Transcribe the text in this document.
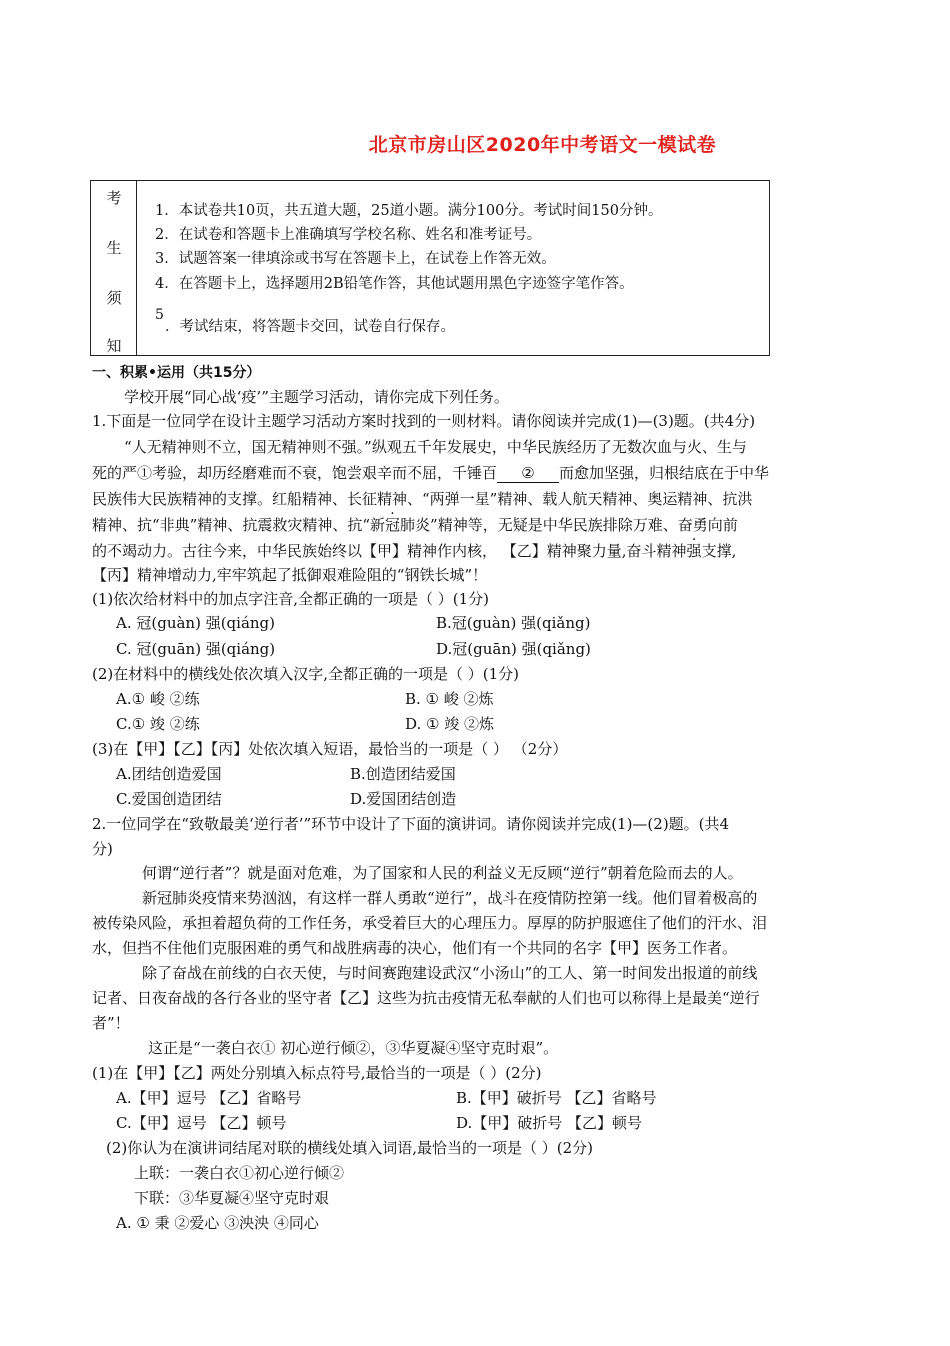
北京市房山区2020年中考语文一模试卷
考
生
须
知
1．本试卷共10页，共五道大题，25道小题。满分100分。考试时间150分钟。
2．在试卷和答题卡上准确填写学校名称、姓名和准考证号。
3．试题答案一律填涂或书写在答题卡上，在试卷上作答无效。
4．在答题卡上，选择题用2B铅笔作答，其他试题用黑色字迹签字笔作答。
5
．考试结束，将答题卡交回，试卷自行保存。
一、积累•运用（共15分）
学校开展“同心战‘疫’”主题学习活动，请你完成下列任务。
1.下面是一位同学在设计主题学习活动方案时找到的一则材料。请你阅读并完成(1)—(3)题。(共4分)
“人无精神则不立，国无精神则不强。”纵观五千年发展史，中华民族经历了无数次血与火、生与
死的严①考验，却历经磨难而不衰，饱尝艰辛而不屈，千锤百 ② 而愈加坚强，归根结底在于中华
民族伟大民族精神的支撑。红船精神、长征精神、“两弹一星”精神、载人航天精神、奥运精神、抗洪
精神、抗“非典”精神、抗震救灾精神、抗“新冠肺炎”精神等，无疑是中华民族排除万难、奋勇向前
的不竭动力。古往今来，中华民族始终以【甲】精神作内核， 【乙】精神聚力量,奋斗精神强支撑,
【丙】精神增动力,牢牢筑起了抵御艰难险阻的“钢铁长城”！
(1)依次给材料中的加点字注音,全都正确的一项是（ ）(1分)
A. 冠(guàn) 强(qiáng)	B.冠(guàn) 强(qiǎng)
C. 冠(guān) 强(qiáng)	D.冠(guān) 强(qiǎng)
(2)在材料中的横线处依次填入汉字,全都正确的一项是（ ）(1分)
A.① 峻 ②练	B. ① 峻 ②炼
C.① 竣 ②练	D. ① 竣 ②炼
(3)在【甲】【乙】【丙】处依次填入短语，最恰当的一项是（ ） （2分）
A.团结创造爱国	B.创造团结爱国
C.爱国创造团结	D.爱国团结创造
2.一位同学在“致敬最美‘逆行者’”环节中设计了下面的演讲词。请你阅读并完成(1)—(2)题。(共4
分)
何谓“逆行者”？就是面对危难，为了国家和人民的利益义无反顾“逆行”朝着危险而去的人。
新冠肺炎疫情来势汹汹，有这样一群人勇敢“逆行”，战斗在疫情防控第一线。他们冒着极高的
被传染风险，承担着超负荷的工作任务，承受着巨大的心理压力。厚厚的防护服遮住了他们的汗水、泪
水，但挡不住他们克服困难的勇气和战胜病毒的决心，他们有一个共同的名字【甲】医务工作者。
除了奋战在前线的白衣天使，与时间赛跑建设武汉“小汤山”的工人、第一时间发出报道的前线
记者、日夜奋战的各行各业的坚守者【乙】这些为抗击疫情无私奉献的人们也可以称得上是最美“逆行
者”！
这正是“一袭白衣① 初心逆行倾②，③华夏凝④坚守克时艰”。
(1)在【甲】【乙】两处分别填入标点符号,最恰当的一项是（ ）(2分)
A.【甲】逗号 【乙】省略号	B.【甲】破折号 【乙】省略号
C.【甲】逗号 【乙】顿号	D.【甲】破折号 【乙】顿号
(2)你认为在演讲词结尾对联的横线处填入词语,最恰当的一项是（ ）(2分)
上联：一袭白衣①初心逆行倾②
下联：③华夏凝④坚守克时艰
A. ① 秉 ②爱心 ③泱泱 ④同心
